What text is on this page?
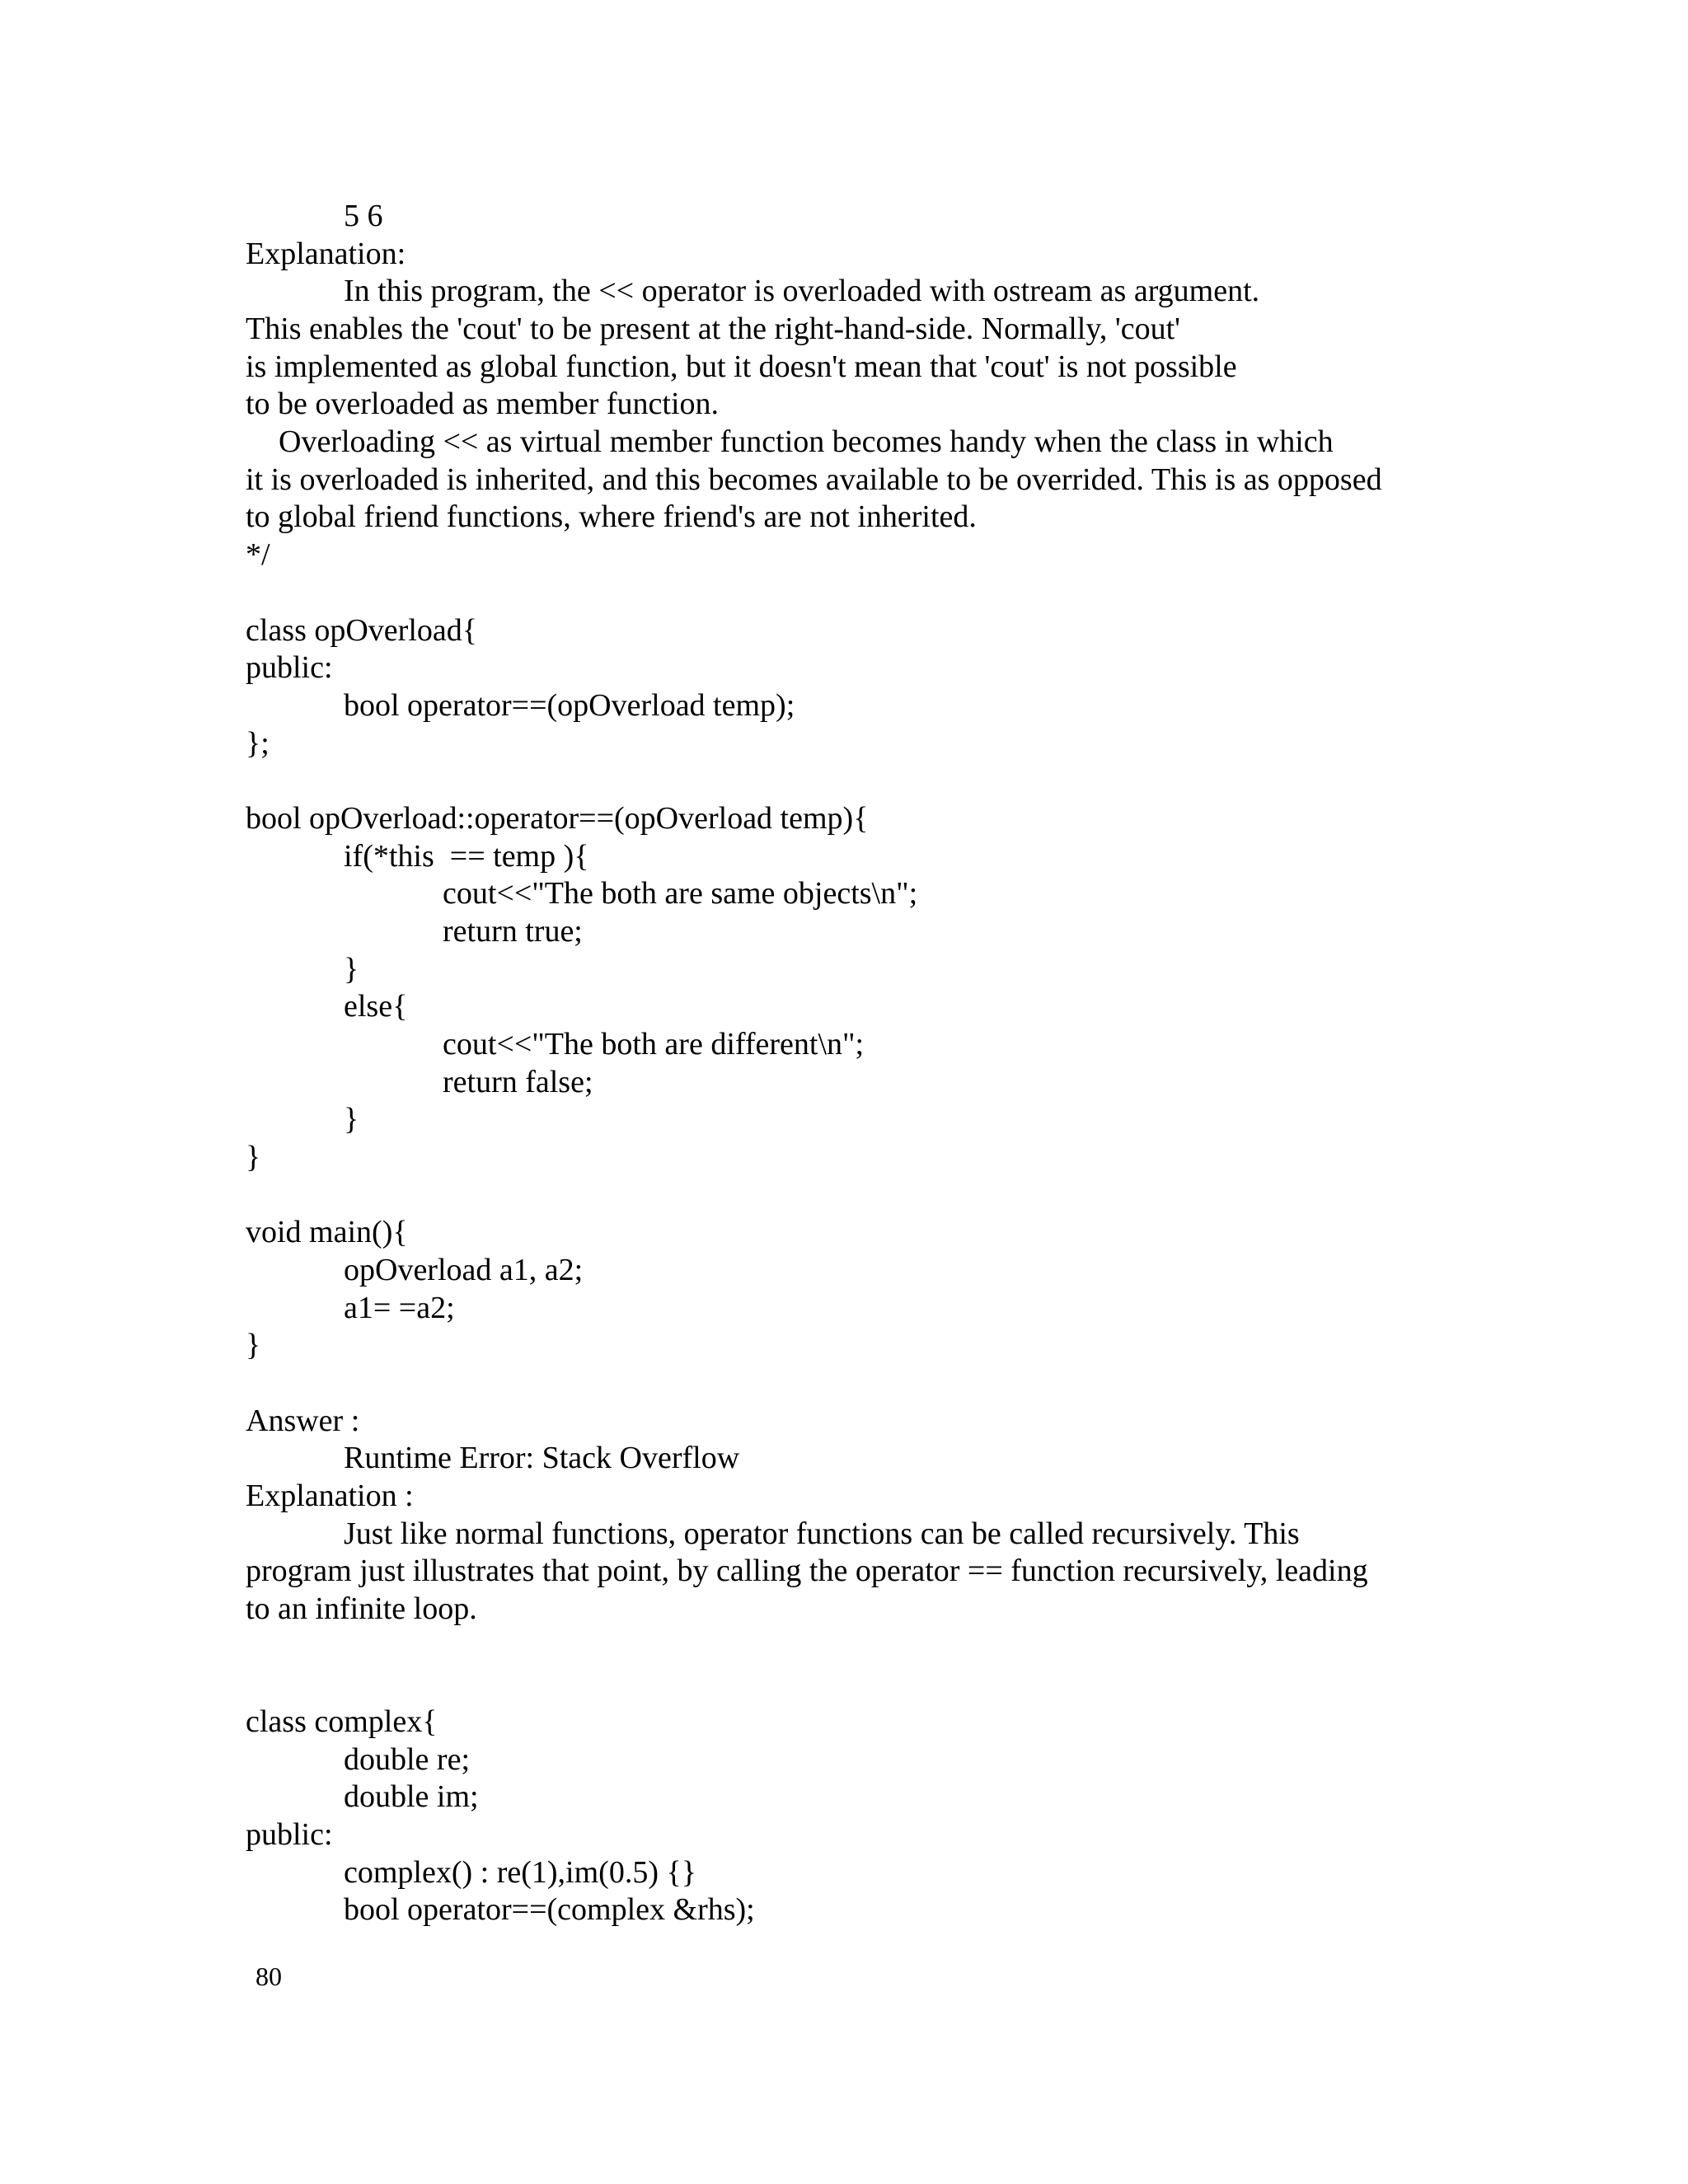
5 6
Explanation:
In this program, the << operator is overloaded with ostream as argument.
This enables the 'cout' to be present at the right-hand-side. Normally, 'cout'
is implemented as global function, but it doesn't mean that 'cout' is not possible
to be overloaded as member function.
Overloading << as virtual member function becomes handy when the class in which
it is overloaded is inherited, and this becomes available to be overrided. This is as opposed
to global friend functions, where friend's are not inherited.
*/
class opOverload{
public:
bool operator==(opOverload temp);
};
bool opOverload::operator==(opOverload temp){
if(*this  == temp ){
cout<<"The both are same objects\n";
return true;
}
else{
cout<<"The both are different\n";
return false;
}
}
void main(){
opOverload a1, a2;
a1= =a2;
}
Answer :
Runtime Error: Stack Overflow
Explanation :
Just like normal functions, operator functions can be called recursively. This
program just illustrates that point, by calling the operator == function recursively, leading
to an infinite loop.
class complex{
double re;
double im;
public:
complex() : re(1),im(0.5) {}
bool operator==(complex &rhs);
80
